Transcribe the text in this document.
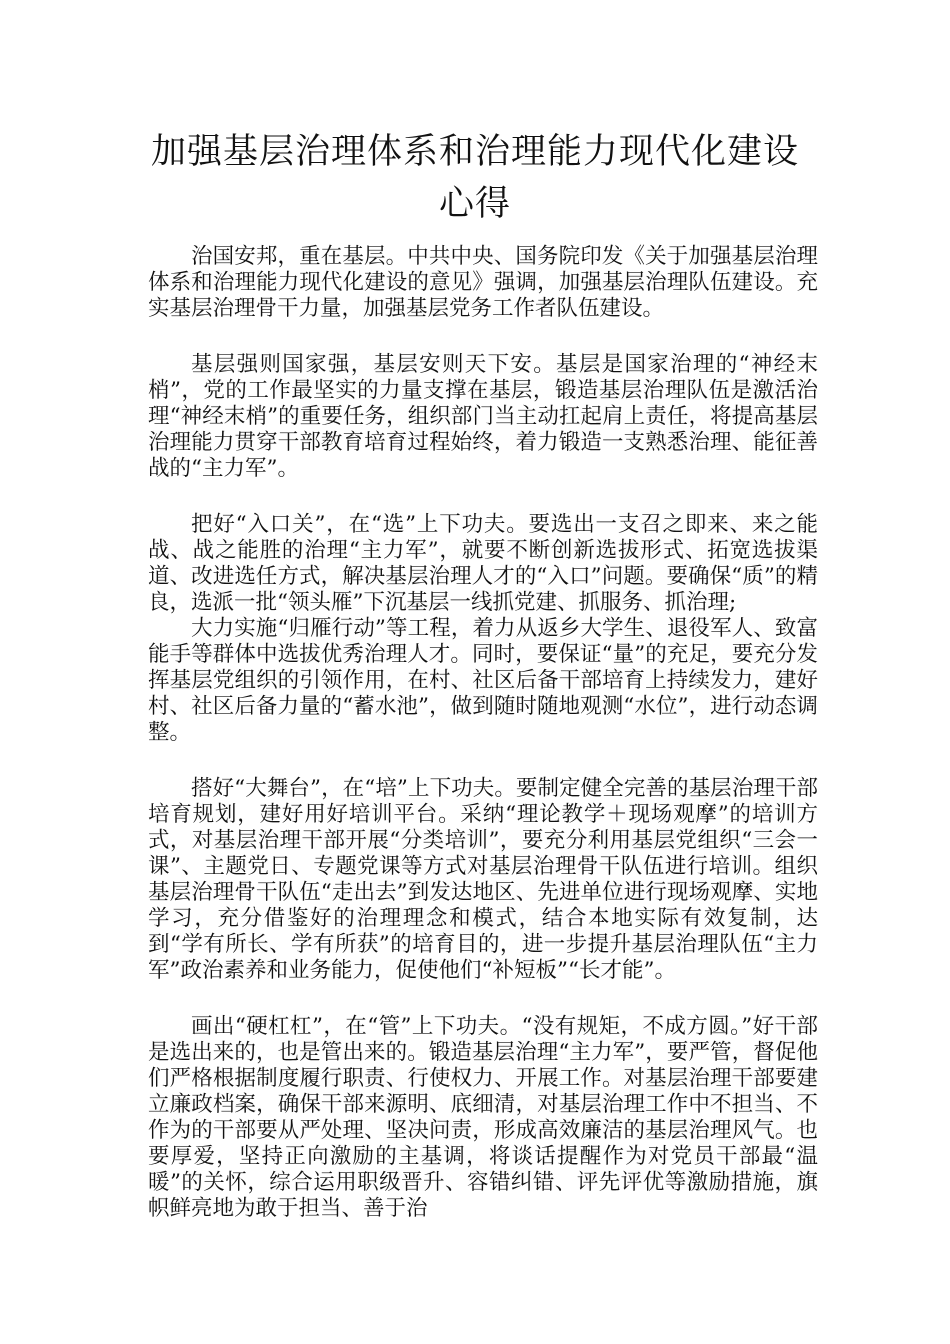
加强基层治理体系和治理能力现代化建设
心得

治国安邦，重在基层。中共中央、国务院印发《关于加强基层治理体系和治理能力现代化建设的意见》强调，加强基层治理队伍建设。充实基层治理骨干力量，加强基层党务工作者队伍建设。

基层强则国家强，基层安则天下安。基层是国家治理的“神经末梢”，党的工作最坚实的力量支撑在基层，锻造基层治理队伍是激活治理“神经末梢”的重要任务，组织部门当主动扛起肩上责任，将提高基层治理能力贯穿干部教育培育过程始终，着力锻造一支熟悉治理、能征善战的“主力军”。

把好“入口关”，在“选”上下功夫。要选出一支召之即来、来之能战、战之能胜的治理“主力军”，就要不断创新选拔形式、拓宽选拔渠道、改进选任方式，解决基层治理人才的“入口”问题。要确保“质”的精良，选派一批“领头雁”下沉基层一线抓党建、抓服务、抓治理;

大力实施“归雁行动”等工程，着力从返乡大学生、退役军人、致富能手等群体中选拔优秀治理人才。同时，要保证“量”的充足，要充分发挥基层党组织的引领作用，在村、社区后备干部培育上持续发力，建好村、社区后备力量的“蓄水池”，做到随时随地观测“水位”，进行动态调整。

搭好“大舞台”，在“培”上下功夫。要制定健全完善的基层治理干部培育规划，建好用好培训平台。采纳“理论教学＋现场观摩”的培训方式，对基层治理干部开展“分类培训”，要充分利用基层党组织“三会一课”、主题党日、专题党课等方式对基层治理骨干队伍进行培训。组织基层治理骨干队伍“走出去”到发达地区、先进单位进行现场观摩、实地学习，充分借鉴好的治理理念和模式，结合本地实际有效复制，达到“学有所长、学有所获”的培育目的，进一步提升基层治理队伍“主力军”政治素养和业务能力，促使他们“补短板”“长才能”。

画出“硬杠杠”，在“管”上下功夫。“没有规矩，不成方圆。”好干部是选出来的，也是管出来的。锻造基层治理“主力军”，要严管，督促他们严格根据制度履行职责、行使权力、开展工作。对基层治理干部要建立廉政档案，确保干部来源明、底细清，对基层治理工作中不担当、不作为的干部要从严处理、坚决问责，形成高效廉洁的基层治理风气。也要厚爱，坚持正向激励的主基调，将谈话提醒作为对党员干部最“温暖”的关怀，综合运用职级晋升、容错纠错、评先评优等激励措施，旗帜鲜亮地为敢于担当、善于治
